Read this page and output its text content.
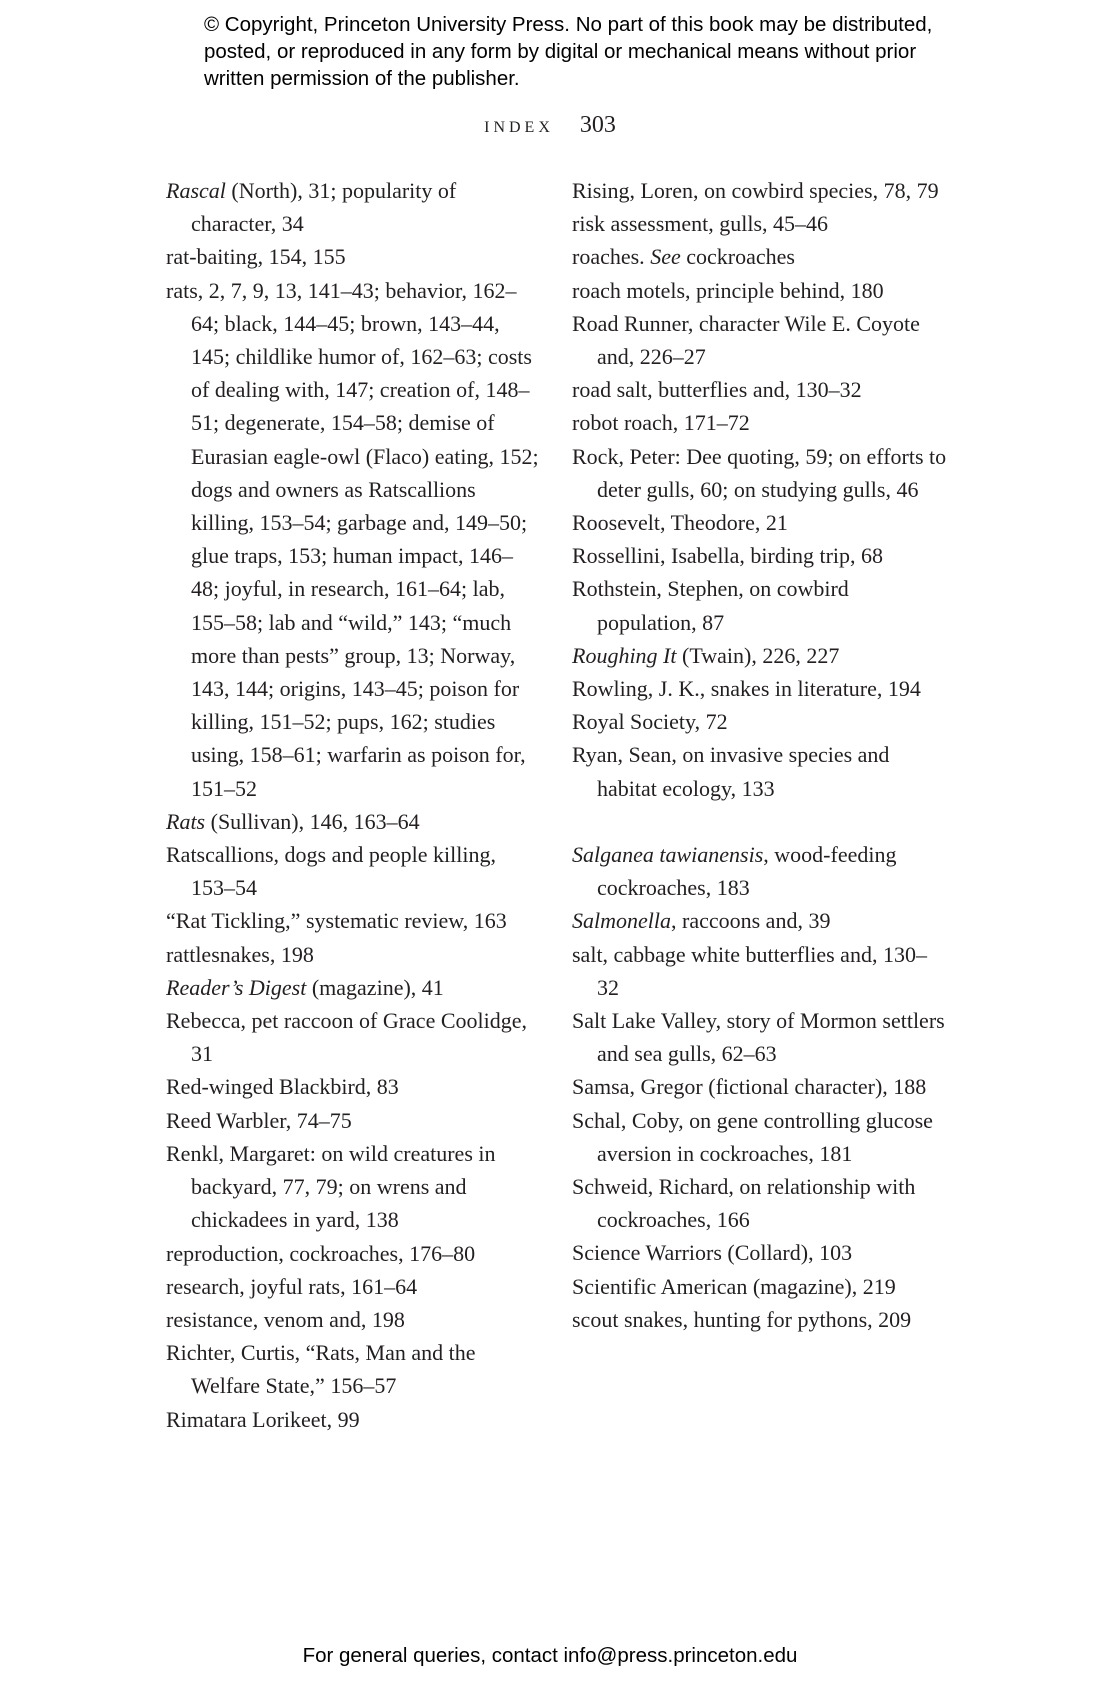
© Copyright, Princeton University Press. No part of this book may be distributed, posted, or reproduced in any form by digital or mechanical means without prior written permission of the publisher.
INDEX 303
Rascal (North), 31; popularity of character, 34
rat-baiting, 154, 155
rats, 2, 7, 9, 13, 141–43; behavior, 162–64; black, 144–45; brown, 143–44, 145; childlike humor of, 162–63; costs of dealing with, 147; creation of, 148–51; degenerate, 154–58; demise of Eurasian eagle-owl (Flaco) eating, 152; dogs and owners as Ratscallions killing, 153–54; garbage and, 149–50; glue traps, 153; human impact, 146–48; joyful, in research, 161–64; lab, 155–58; lab and “wild,” 143; “much more than pests” group, 13; Norway, 143, 144; origins, 143–45; poison for killing, 151–52; pups, 162; studies using, 158–61; warfarin as poison for, 151–52
Rats (Sullivan), 146, 163–64
Ratscallions, dogs and people killing, 153–54
“Rat Tickling,” systematic review, 163
rattlesnakes, 198
Reader’s Digest (magazine), 41
Rebecca, pet raccoon of Grace Coolidge, 31
Red-winged Blackbird, 83
Reed Warbler, 74–75
Renkl, Margaret: on wild creatures in backyard, 77, 79; on wrens and chickadees in yard, 138
reproduction, cockroaches, 176–80
research, joyful rats, 161–64
resistance, venom and, 198
Richter, Curtis, “Rats, Man and the Welfare State,” 156–57
Rimatara Lorikeet, 99
Rising, Loren, on cowbird species, 78, 79
risk assessment, gulls, 45–46
roaches. See cockroaches
roach motels, principle behind, 180
Road Runner, character Wile E. Coyote and, 226–27
road salt, butterflies and, 130–32
robot roach, 171–72
Rock, Peter: Dee quoting, 59; on efforts to deter gulls, 60; on studying gulls, 46
Roosevelt, Theodore, 21
Rossellini, Isabella, birding trip, 68
Rothstein, Stephen, on cowbird population, 87
Roughing It (Twain), 226, 227
Rowling, J. K., snakes in literature, 194
Royal Society, 72
Ryan, Sean, on invasive species and habitat ecology, 133
Salganea tawianensis, wood-feeding cockroaches, 183
Salmonella, raccoons and, 39
salt, cabbage white butterflies and, 130–32
Salt Lake Valley, story of Mormon settlers and sea gulls, 62–63
Samsa, Gregor (fictional character), 188
Schal, Coby, on gene controlling glucose aversion in cockroaches, 181
Schweid, Richard, on relationship with cockroaches, 166
Science Warriors (Collard), 103
Scientific American (magazine), 219
scout snakes, hunting for pythons, 209
For general queries, contact info@press.princeton.edu
